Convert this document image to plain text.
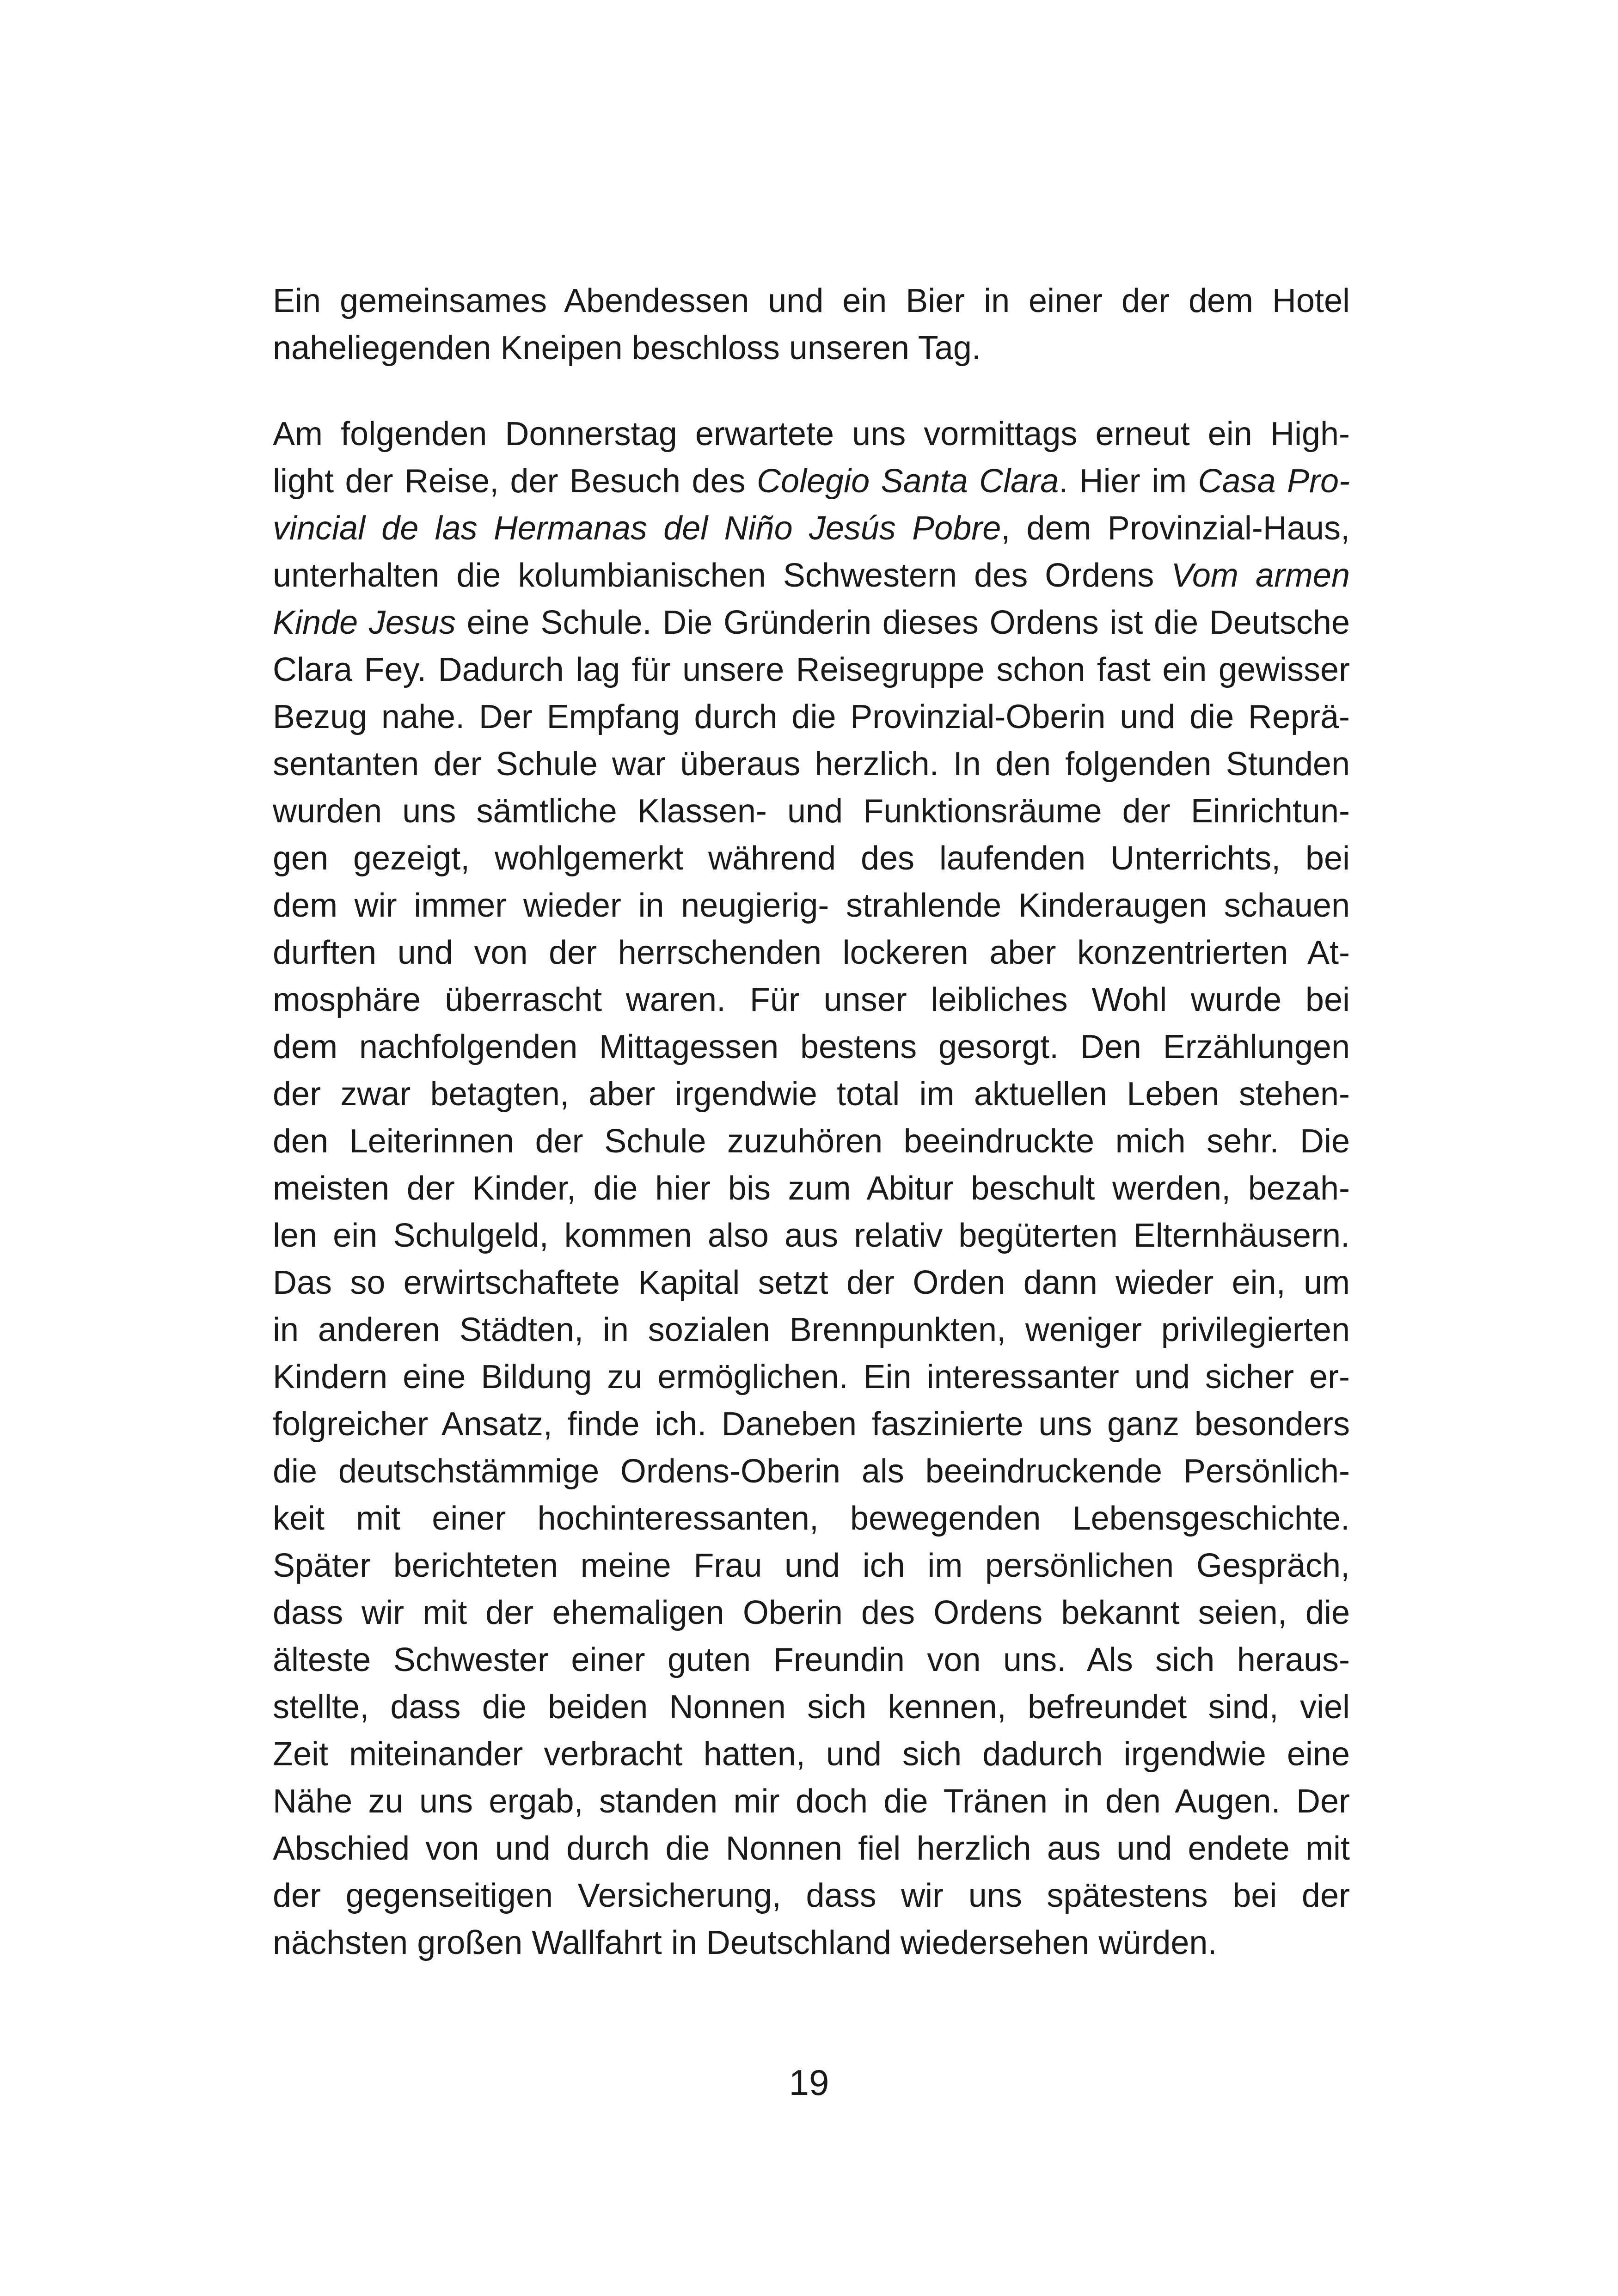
Ein gemeinsames Abendessen und ein Bier in einer der dem Hotel
naheliegenden Kneipen beschloss unseren Tag.
Am folgenden Donnerstag erwartete uns vormittags erneut ein High-
light der Reise, der Besuch des Colegio Santa Clara. Hier im Casa Pro-
vincial de las Hermanas del Niño Jesús Pobre, dem Provinzial-Haus,
unterhalten die kolumbianischen Schwestern des Ordens Vom armen
Kinde Jesus eine Schule. Die Gründerin dieses Ordens ist die Deutsche
Clara Fey. Dadurch lag für unsere Reisegruppe schon fast ein gewisser
Bezug nahe. Der Empfang durch die Provinzial-Oberin und die Reprä-
sentanten der Schule war überaus herzlich. In den folgenden Stunden
wurden uns sämtliche Klassen- und Funktionsräume der Einrichtun-
gen gezeigt, wohlgemerkt während des laufenden Unterrichts, bei
dem wir immer wieder in neugierig- strahlende Kinderaugen schauen
durften und von der herrschenden lockeren aber konzentrierten At-
mosphäre überrascht waren. Für unser leibliches Wohl wurde bei
dem nachfolgenden Mittagessen bestens gesorgt. Den Erzählungen
der zwar betagten, aber irgendwie total im aktuellen Leben stehen-
den Leiterinnen der Schule zuzuhören beeindruckte mich sehr. Die
meisten der Kinder, die hier bis zum Abitur beschult werden, bezah-
len ein Schulgeld, kommen also aus relativ begüterten Elternhäusern.
Das so erwirtschaftete Kapital setzt der Orden dann wieder ein, um
in anderen Städten, in sozialen Brennpunkten, weniger privilegierten
Kindern eine Bildung zu ermöglichen. Ein interessanter und sicher er-
folgreicher Ansatz, finde ich. Daneben faszinierte uns ganz besonders
die deutschstämmige Ordens-Oberin als beeindruckende Persönlich-
keit mit einer hochinteressanten, bewegenden Lebensgeschichte.
Später berichteten meine Frau und ich im persönlichen Gespräch,
dass wir mit der ehemaligen Oberin des Ordens bekannt seien, die
älteste Schwester einer guten Freundin von uns. Als sich heraus-
stellte, dass die beiden Nonnen sich kennen, befreundet sind, viel
Zeit miteinander verbracht hatten, und sich dadurch irgendwie eine
Nähe zu uns ergab, standen mir doch die Tränen in den Augen. Der
Abschied von und durch die Nonnen fiel herzlich aus und endete mit
der gegenseitigen Versicherung, dass wir uns spätestens bei der
nächsten großen Wallfahrt in Deutschland wiedersehen würden.
19
